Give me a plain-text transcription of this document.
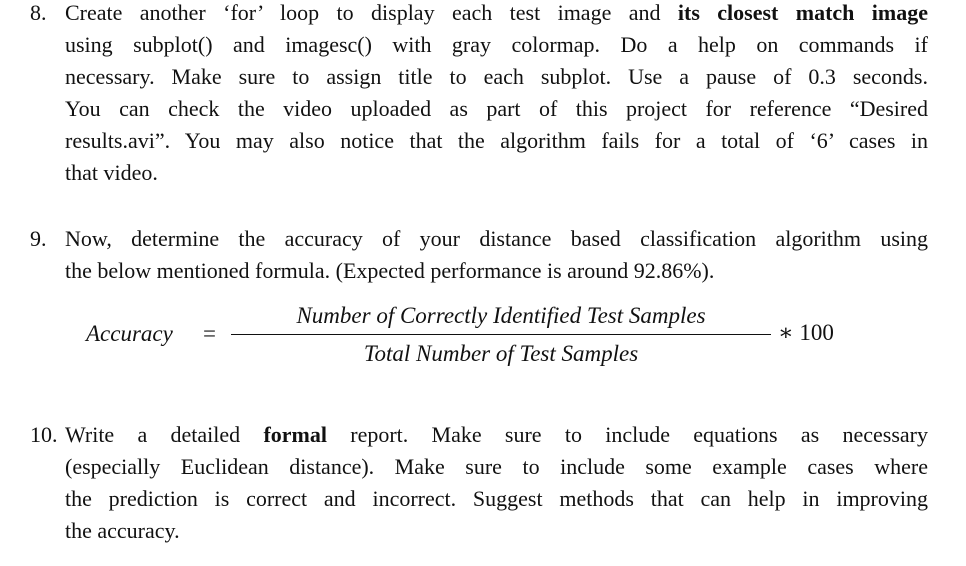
8. Create another ‘for’ loop to display each test image and its closest match image
using subplot() and imagesc() with gray colormap. Do a help on commands if
necessary. Make sure to assign title to each subplot. Use a pause of 0.3 seconds.
You can check the video uploaded as part of this project for reference “Desired
results.avi”. You may also notice that the algorithm fails for a total of ‘6’ cases in
that video.
9. Now, determine the accuracy of your distance based classification algorithm using
the below mentioned formula. (Expected performance is around 92.86%).
Accuracy =
Number of Correctly Identified Test Samples
Total Number of Test Samples
∗ 100
10. Write a detailed formal report. Make sure to include equations as necessary
(especially Euclidean distance). Make sure to include some example cases where
the prediction is correct and incorrect. Suggest methods that can help in improving
the accuracy.
